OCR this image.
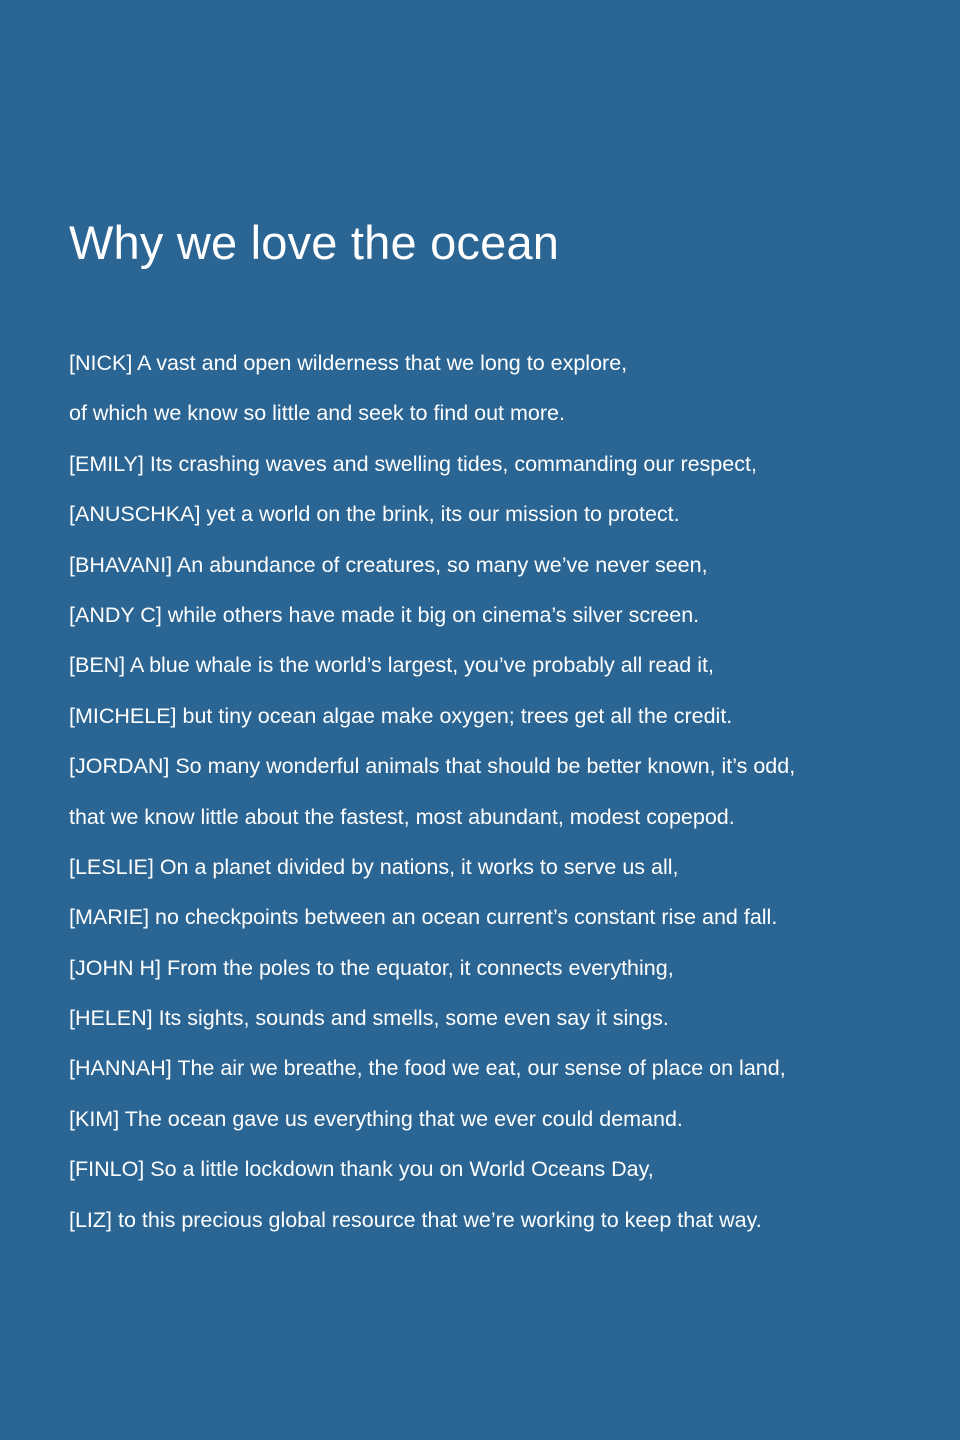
Why we love the ocean
[NICK] A vast and open wilderness that we long to explore,
of which we know so little and seek to find out more.
[EMILY] Its crashing waves and swelling tides, commanding our respect,
[ANUSCHKA] yet a world on the brink, its our mission to protect.
[BHAVANI] An abundance of creatures, so many we’ve never seen,
[ANDY C] while others have made it big on cinema’s silver screen.
[BEN] A blue whale is the world’s largest, you’ve probably all read it,
[MICHELE] but tiny ocean algae make oxygen; trees get all the credit.
[JORDAN] So many wonderful animals that should be better known, it’s odd,
that we know little about the fastest, most abundant, modest copepod.
[LESLIE] On a planet divided by nations, it works to serve us all,
[MARIE] no checkpoints between an ocean current’s constant rise and fall.
[JOHN H] From the poles to the equator, it connects everything,
[HELEN] Its sights, sounds and smells, some even say it sings.
[HANNAH] The air we breathe, the food we eat, our sense of place on land,
[KIM] The ocean gave us everything that we ever could demand.
[FINLO] So a little lockdown thank you on World Oceans Day,
[LIZ] to this precious global resource that we’re working to keep that way.
